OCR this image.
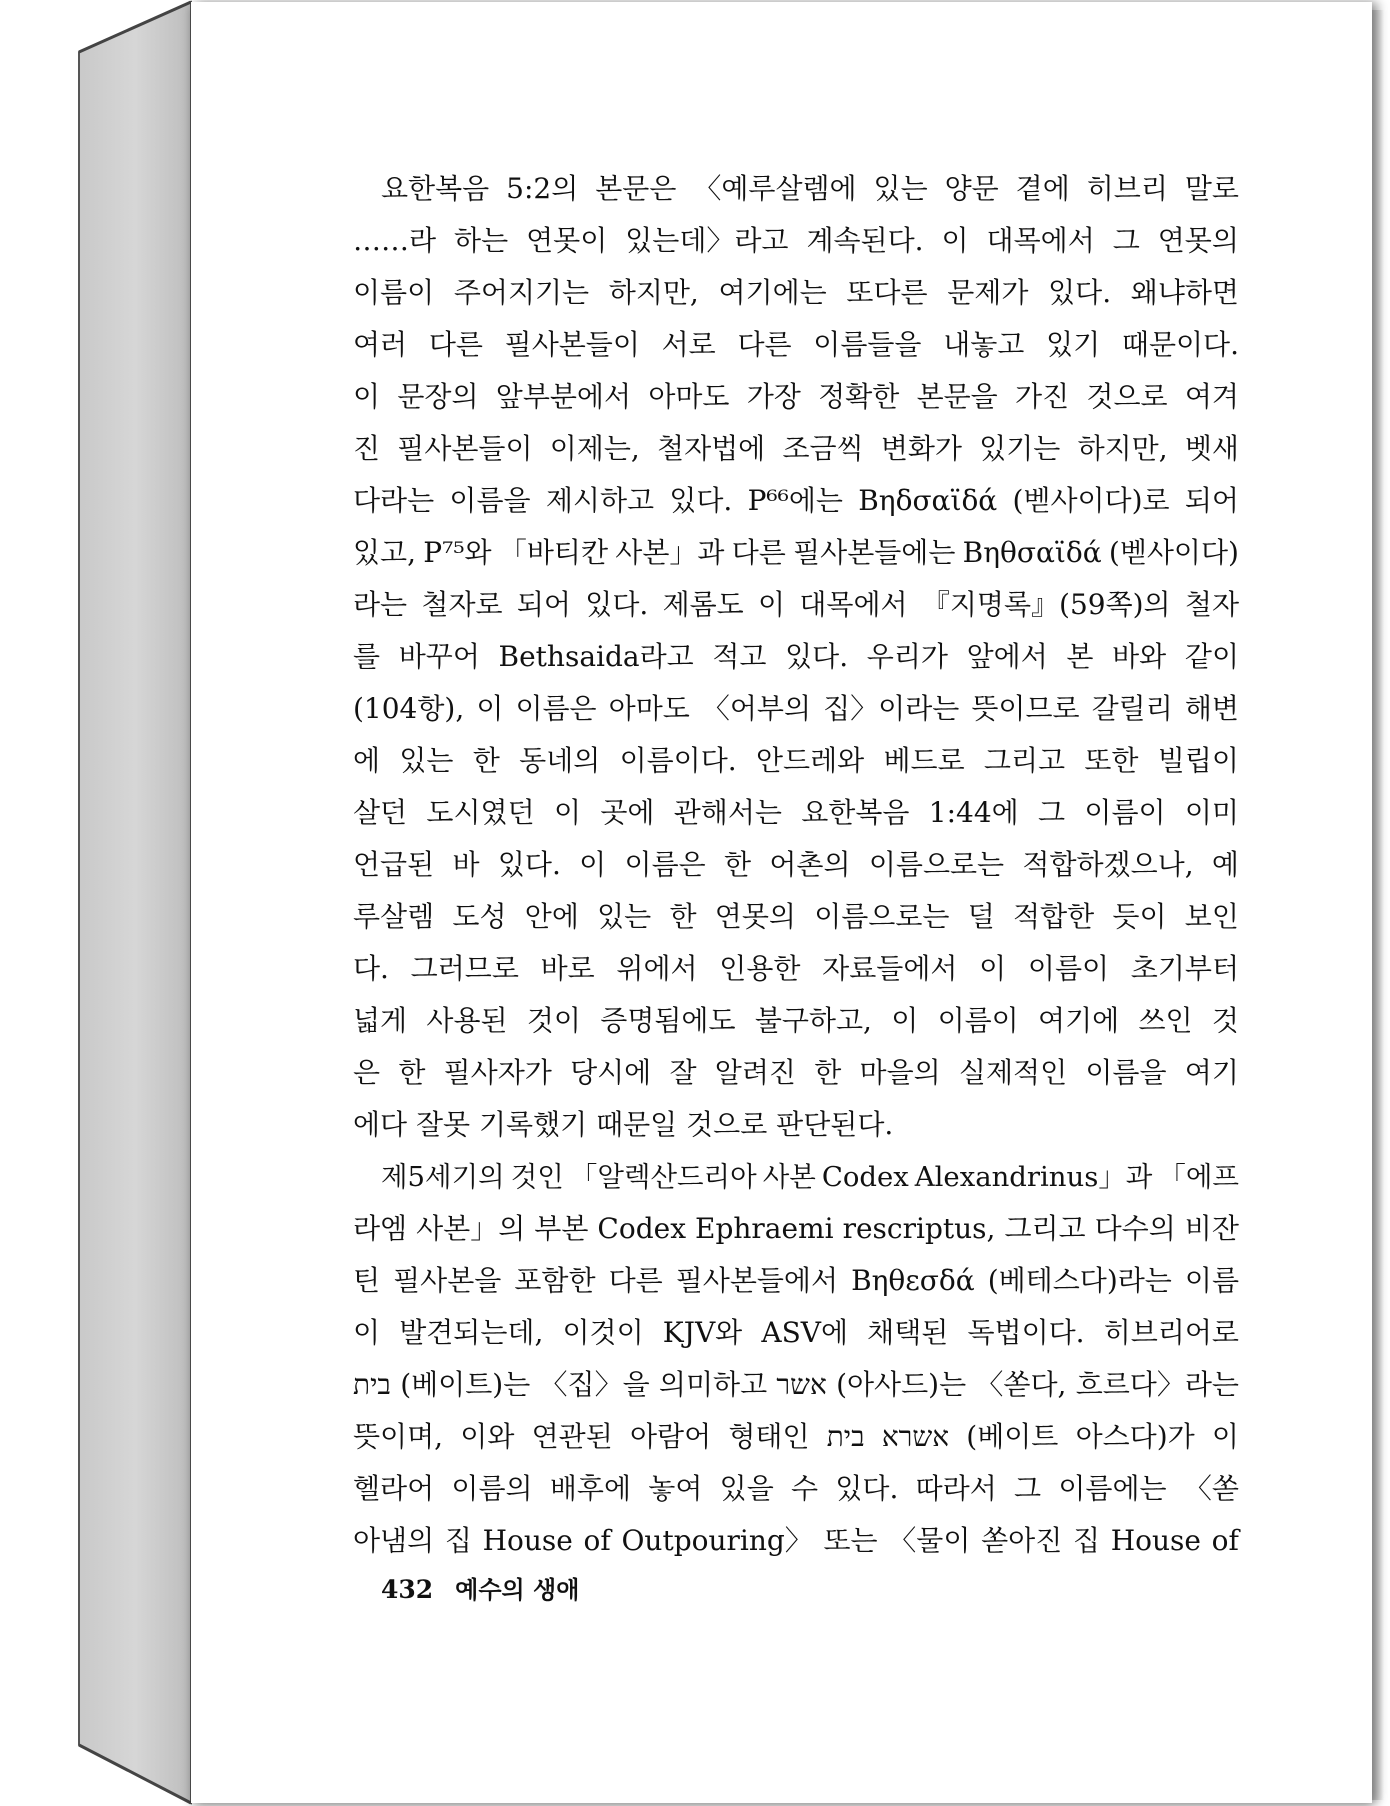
요한복음 5:2의 본문은 〈예루살렘에 있는 양문 곁에 히브리 말로
……라 하는 연못이 있는데〉라고 계속된다. 이 대목에서 그 연못의
이름이 주어지기는 하지만, 여기에는 또다른 문제가 있다. 왜냐하면
여러 다른 필사본들이 서로 다른 이름들을 내놓고 있기 때문이다.
이 문장의 앞부분에서 아마도 가장 정확한 본문을 가진 것으로 여겨
진 필사본들이 이제는, 철자법에 조금씩 변화가 있기는 하지만, 벳새
다라는 이름을 제시하고 있다. P⁶⁶에는 Bηδσαϊδά (벧사이다)로 되어
있고, P⁷⁵와 「바티칸 사본」과 다른 필사본들에는 Bηθσαϊδά (벧사이다)
라는 철자로 되어 있다. 제롬도 이 대목에서 『지명록』(59쪽)의 철자
를 바꾸어 Bethsaida라고 적고 있다. 우리가 앞에서 본 바와 같이
(104항), 이 이름은 아마도 〈어부의 집〉이라는 뜻이므로 갈릴리 해변
에 있는 한 동네의 이름이다. 안드레와 베드로 그리고 또한 빌립이
살던 도시였던 이 곳에 관해서는 요한복음 1:44에 그 이름이 이미
언급된 바 있다. 이 이름은 한 어촌의 이름으로는 적합하겠으나, 예
루살렘 도성 안에 있는 한 연못의 이름으로는 덜 적합한 듯이 보인
다. 그러므로 바로 위에서 인용한 자료들에서 이 이름이 초기부터
넓게 사용된 것이 증명됨에도 불구하고, 이 이름이 여기에 쓰인 것
은 한 필사자가 당시에 잘 알려진 한 마을의 실제적인 이름을 여기
에다 잘못 기록했기 때문일 것으로 판단된다.
제5세기의 것인 「알렉산드리아 사본 Codex Alexandrinus」과 「에프
라엠 사본」의 부본 Codex Ephraemi rescriptus, 그리고 다수의 비잔
틴 필사본을 포함한 다른 필사본들에서 Bηθεσδά (베테스다)라는 이름
이 발견되는데, 이것이 KJV와 ASV에 채택된 독법이다. 히브리어로
בית (베이트)는 〈집〉을 의미하고 אשר (아사드)는 〈쏟다, 흐르다〉라는
뜻이며, 이와 연관된 아람어 형태인 בית אשרא (베이트 아스다)가 이
헬라어 이름의 배후에 놓여 있을 수 있다. 따라서 그 이름에는 〈쏟
아냄의 집 House of Outpouring〉 또는 〈물이 쏟아진 집 House of
432 예수의 생애
